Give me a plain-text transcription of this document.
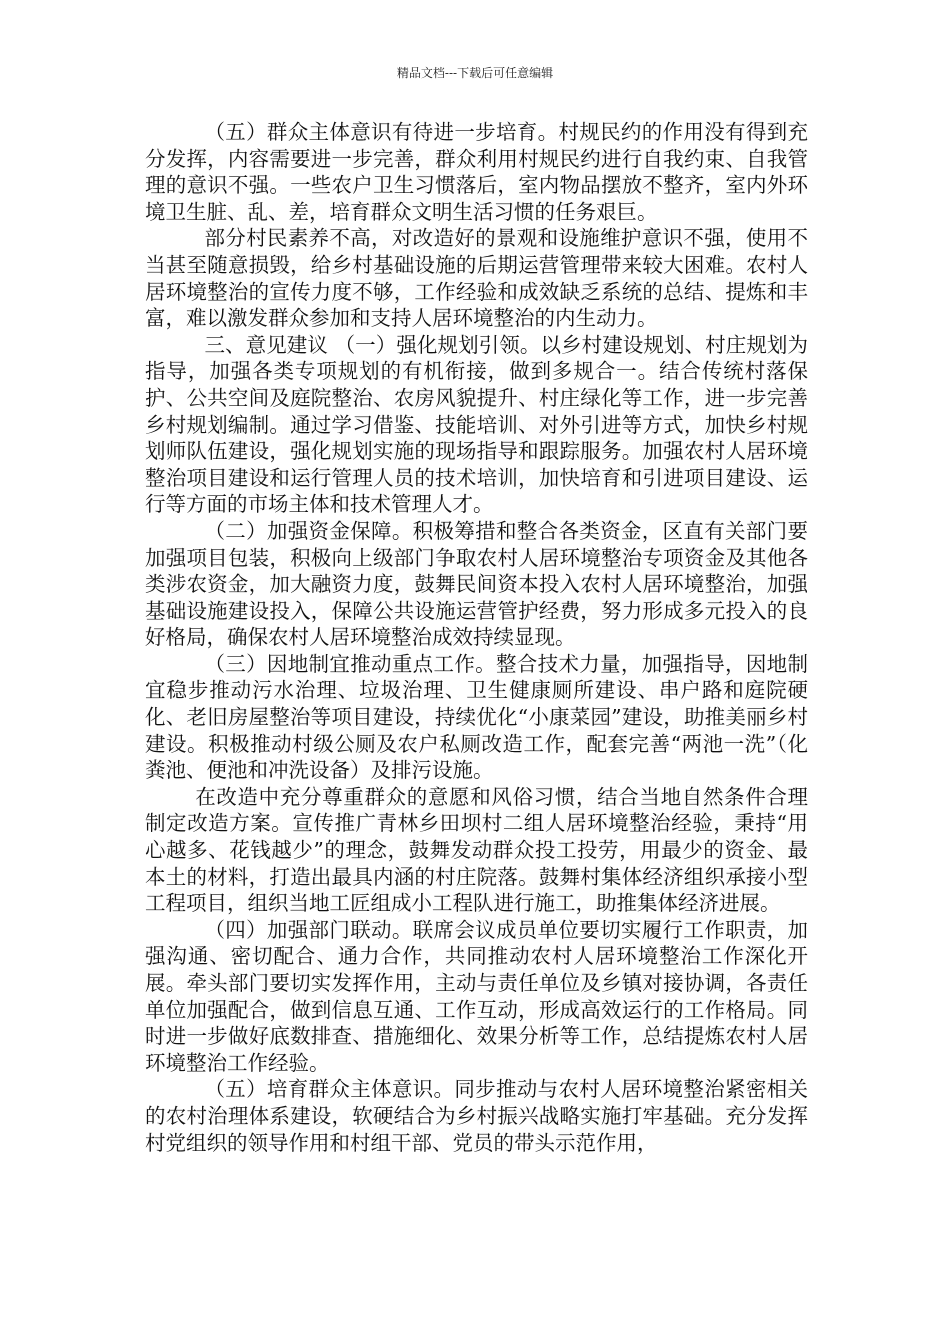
精品文档---下载后可任意编辑

（五）群众主体意识有待进一步培育。村规民约的作用没有得到充分发挥，内容需要进一步完善，群众利用村规民约进行自我约束、自我管理的意识不强。一些农户卫生习惯落后，室内物品摆放不整齐，室内外环境卫生脏、乱、差，培育群众文明生活习惯的任务艰巨。

部分村民素养不高，对改造好的景观和设施维护意识不强，使用不当甚至随意损毁，给乡村基础设施的后期运营管理带来较大困难。农村人居环境整治的宣传力度不够，工作经验和成效缺乏系统的总结、提炼和丰富，难以激发群众参加和支持人居环境整治的内生动力。

三、意见建议 （一）强化规划引领。以乡村建设规划、村庄规划为指导，加强各类专项规划的有机衔接，做到多规合一。结合传统村落保护、公共空间及庭院整治、农房风貌提升、村庄绿化等工作，进一步完善乡村规划编制。通过学习借鉴、技能培训、对外引进等方式，加快乡村规划师队伍建设，强化规划实施的现场指导和跟踪服务。加强农村人居环境整治项目建设和运行管理人员的技术培训，加快培育和引进项目建设、运行等方面的市场主体和技术管理人才。

（二）加强资金保障。积极筹措和整合各类资金，区直有关部门要加强项目包装，积极向上级部门争取农村人居环境整治专项资金及其他各类涉农资金，加大融资力度，鼓舞民间资本投入农村人居环境整治，加强基础设施建设投入，保障公共设施运营管护经费，努力形成多元投入的良好格局，确保农村人居环境整治成效持续显现。

（三）因地制宜推动重点工作。整合技术力量，加强指导，因地制宜稳步推动污水治理、垃圾治理、卫生健康厕所建设、串户路和庭院硬化、老旧房屋整治等项目建设，持续优化“小康菜园”建设，助推美丽乡村建设。积极推动村级公厕及农户私厕改造工作，配套完善“两池一洗”（化粪池、便池和冲洗设备）及排污设施。

在改造中充分尊重群众的意愿和风俗习惯，结合当地自然条件合理制定改造方案。宣传推广青林乡田坝村二组人居环境整治经验，秉持“用心越多、花钱越少”的理念，鼓舞发动群众投工投劳，用最少的资金、最本土的材料，打造出最具内涵的村庄院落。鼓舞村集体经济组织承接小型工程项目，组织当地工匠组成小工程队进行施工，助推集体经济进展。

（四）加强部门联动。联席会议成员单位要切实履行工作职责，加强沟通、密切配合、通力合作，共同推动农村人居环境整治工作深化开展。牵头部门要切实发挥作用，主动与责任单位及乡镇对接协调，各责任单位加强配合，做到信息互通、工作互动，形成高效运行的工作格局。同时进一步做好底数排查、措施细化、效果分析等工作，总结提炼农村人居环境整治工作经验。

（五）培育群众主体意识。同步推动与农村人居环境整治紧密相关的农村治理体系建设，软硬结合为乡村振兴战略实施打牢基础。充分发挥村党组织的领导作用和村组干部、党员的带头示范作用，
